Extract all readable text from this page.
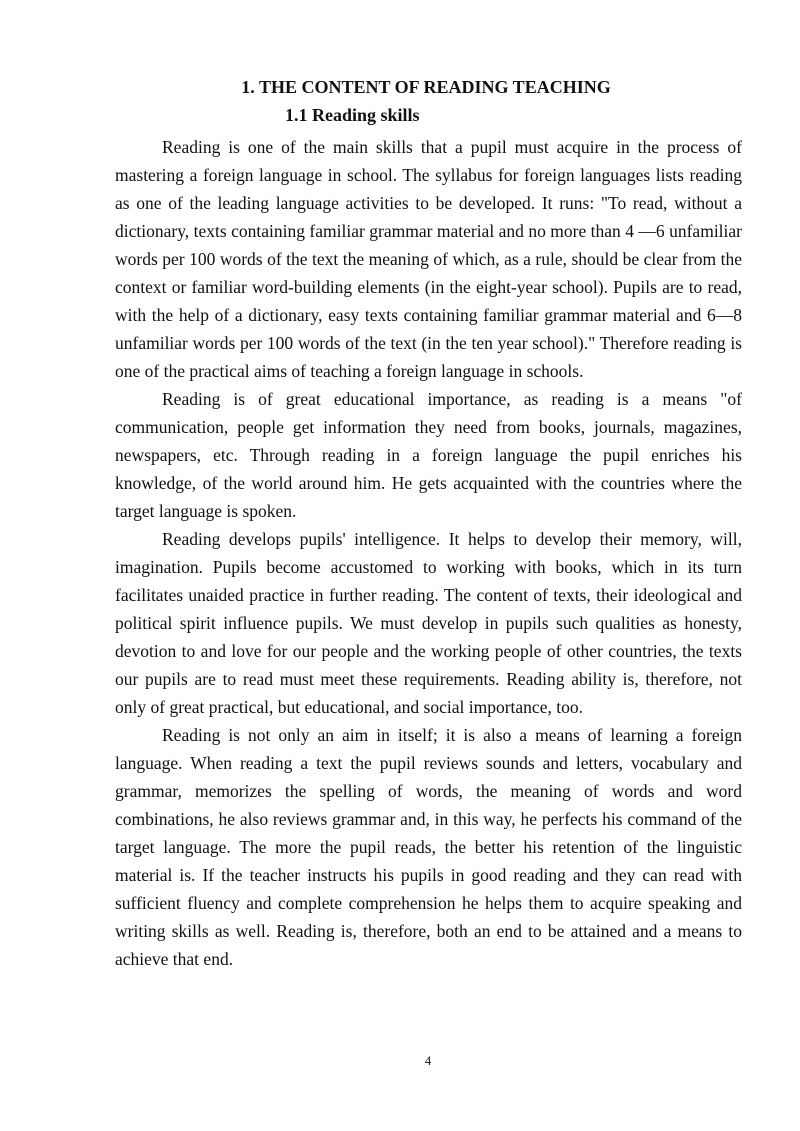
1. THE CONTENT OF READING TEACHING
1.1 Reading skills

Reading is one of the main skills that a pupil must acquire in the process of mastering a foreign language in school. The syllabus for foreign languages lists reading as one of the leading language activities to be developed. It runs: "To read, without a dictionary, texts containing familiar grammar material and no more than 4 —6 unfamiliar words per 100 words of the text the meaning of which, as a rule, should be clear from the context or familiar word-building elements (in the eight-year school). Pupils are to read, with the help of a dictionary, easy texts containing familiar grammar material and 6—8 unfamiliar words per 100 words of the text (in the ten year school)." Therefore reading is one of the practical aims of teaching a foreign language in schools.

Reading is of great educational importance, as reading is a means "of communication, people get information they need from books, journals, magazines, newspapers, etc. Through reading in a foreign language the pupil enriches his knowledge, of the world around him. He gets acquainted with the countries where the target language is spoken.

Reading develops pupils' intelligence. It helps to develop their memory, will, imagination. Pupils become accustomed to working with books, which in its turn facilitates unaided practice in further reading. The content of texts, their ideological and political spirit influence pupils. We must develop in pupils such qualities as honesty, devotion to and love for our people and the working people of other countries, the texts our pupils are to read must meet these requirements. Reading ability is, therefore, not only of great practical, but educational, and social importance, too.

Reading is not only an aim in itself; it is also a means of learning a foreign language. When reading a text the pupil reviews sounds and letters, vocabulary and grammar, memorizes the spelling of words, the meaning of words and word combinations, he also reviews grammar and, in this way, he perfects his command of the target language. The more the pupil reads, the better his retention of the linguistic material is. If the teacher instructs his pupils in good reading and they can read with sufficient fluency and complete comprehension he helps them to acquire speaking and writing skills as well. Reading is, therefore, both an end to be attained and a means to achieve that end.

4
